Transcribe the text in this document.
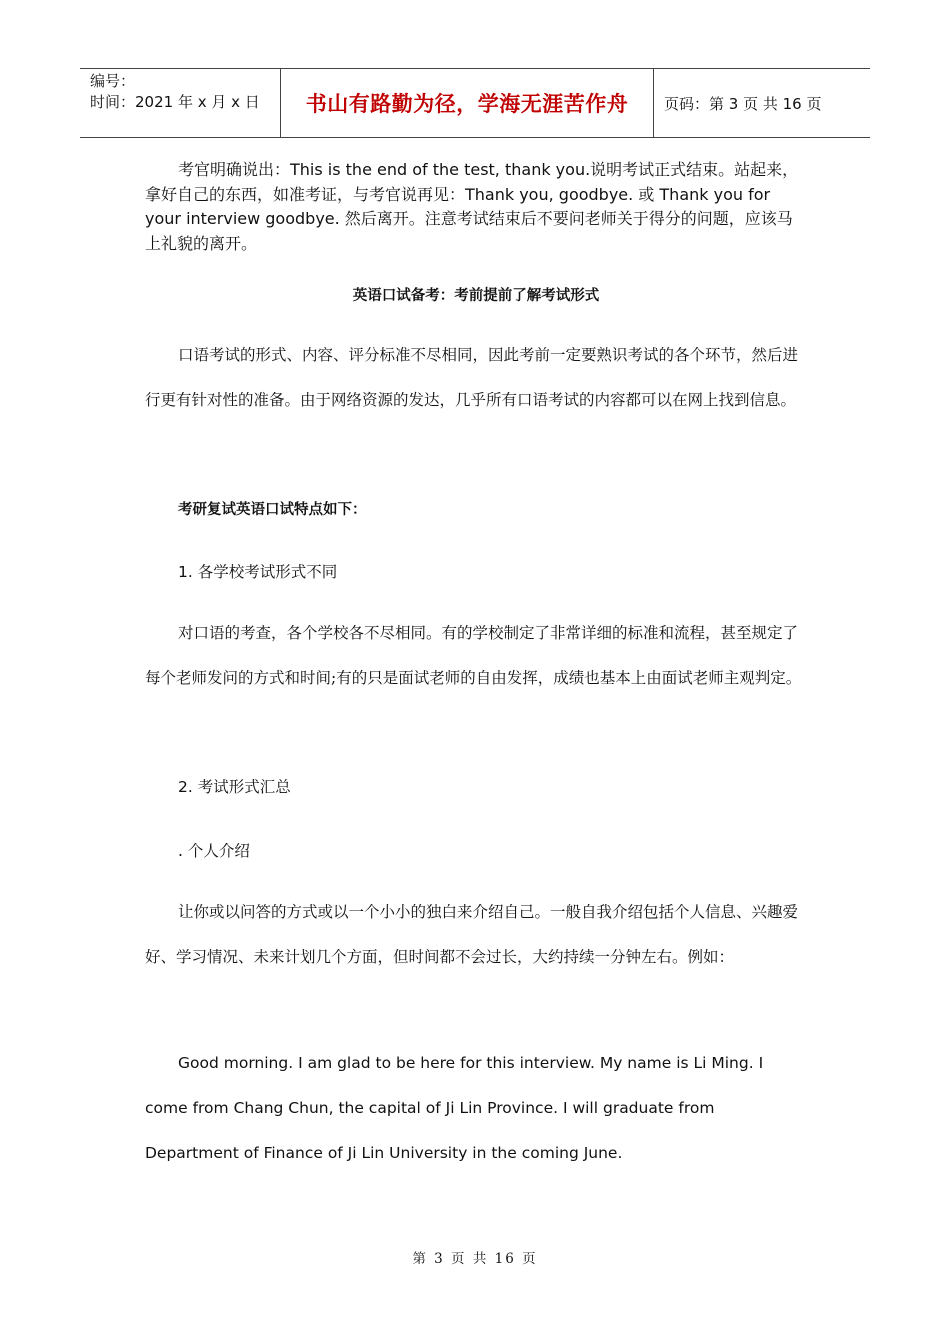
编号：
时间：2021 年 x 月 x 日	书山有路勤为径，学海无涯苦作舟 页码：第 3 页 共 16 页

考官明确说出：This is the end of the test, thank you.说明考试正式结束。站起来，拿好自己的东西，如准考证，与考官说再见：Thank you, goodbye. 或 Thank you for your interview goodbye. 然后离开。注意考试结束后不要问老师关于得分的问题，应该马上礼貌的离开。

英语口试备考：考前提前了解考试形式

口语考试的形式、内容、评分标准不尽相同，因此考前一定要熟识考试的各个环节，然后进行更有针对性的准备。由于网络资源的发达，几乎所有口语考试的内容都可以在网上找到信息。

考研复试英语口试特点如下：

1. 各学校考试形式不同

对口语的考查，各个学校各不尽相同。有的学校制定了非常详细的标准和流程，甚至规定了每个老师发问的方式和时间;有的只是面试老师的自由发挥，成绩也基本上由面试老师主观判定。

2. 考试形式汇总

. 个人介绍

让你或以问答的方式或以一个小小的独白来介绍自己。一般自我介绍包括个人信息、兴趣爱好、学习情况、未来计划几个方面，但时间都不会过长，大约持续一分钟左右。例如：

Good morning. I am glad to be here for this interview. My name is Li Ming. I come from Chang Chun, the capital of Ji Lin Province. I will graduate from Department of Finance of Ji Lin University in the coming June.

第 3 页 共 16 页
